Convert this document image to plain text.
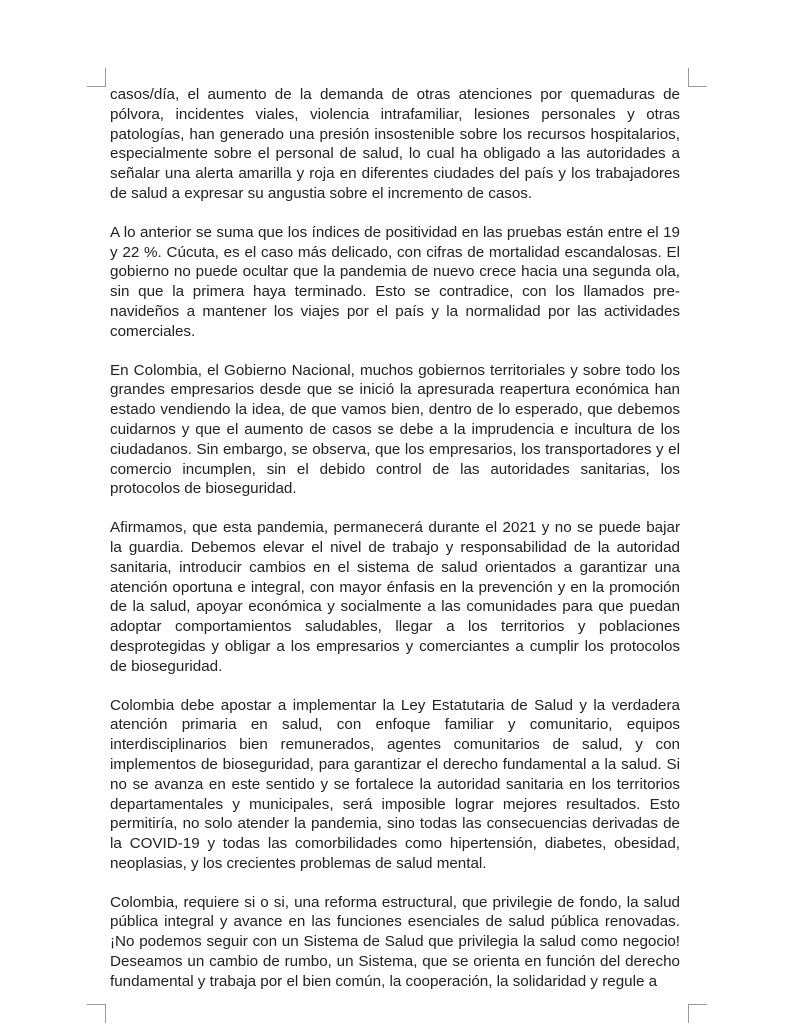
casos/día, el aumento de la demanda de otras atenciones por quemaduras de pólvora, incidentes viales, violencia intrafamiliar, lesiones personales y otras patologías, han generado una presión insostenible sobre los recursos hospitalarios, especialmente sobre el personal de salud, lo cual ha obligado a las autoridades a señalar una alerta amarilla y roja en diferentes ciudades del país y los trabajadores de salud a expresar su angustia sobre el incremento de casos.

A lo anterior se suma que los índices de positividad en las pruebas están entre el 19 y 22 %. Cúcuta, es el caso más delicado, con cifras de mortalidad escandalosas. El gobierno no puede ocultar que la pandemia de nuevo crece hacia una segunda ola, sin que la primera haya terminado. Esto se contradice, con los llamados pre-navideños a mantener los viajes por el país y la normalidad por las actividades comerciales.

En Colombia, el Gobierno Nacional, muchos gobiernos territoriales y sobre todo los grandes empresarios desde que se inició la apresurada reapertura económica han estado vendiendo la idea, de que vamos bien, dentro de lo esperado, que debemos cuidarnos y que el aumento de casos se debe a la imprudencia e incultura de los ciudadanos. Sin embargo, se observa, que los empresarios, los transportadores y el comercio incumplen, sin el debido control de las autoridades sanitarias, los protocolos de bioseguridad.

Afirmamos, que esta pandemia, permanecerá durante el 2021 y no se puede bajar la guardia. Debemos elevar el nivel de trabajo y responsabilidad de la autoridad sanitaria, introducir cambios en el sistema de salud orientados a garantizar una atención oportuna e integral, con mayor énfasis en la prevención y en la promoción de la salud, apoyar económica y socialmente a las comunidades para que puedan adoptar comportamientos saludables, llegar a los territorios y poblaciones desprotegidas y obligar a los empresarios y comerciantes a cumplir los protocolos de bioseguridad.

Colombia debe apostar a implementar la Ley Estatutaria de Salud y la verdadera atención primaria en salud, con enfoque familiar y comunitario, equipos interdisciplinarios bien remunerados, agentes comunitarios de salud, y con implementos de bioseguridad, para garantizar el derecho fundamental a la salud. Si no se avanza en este sentido y se fortalece la autoridad sanitaria en los territorios departamentales y municipales, será imposible lograr mejores resultados. Esto permitiría, no solo atender la pandemia, sino todas las consecuencias derivadas de la COVID-19 y todas las comorbilidades como hipertensión, diabetes, obesidad, neoplasias, y los crecientes problemas de salud mental.

Colombia, requiere si o si, una reforma estructural, que privilegie de fondo, la salud pública integral y avance en las funciones esenciales de salud pública renovadas. ¡No podemos seguir con un Sistema de Salud que privilegia la salud como negocio! Deseamos un cambio de rumbo, un Sistema, que se orienta en función del derecho fundamental y trabaja por el bien común, la cooperación, la solidaridad y regule a
